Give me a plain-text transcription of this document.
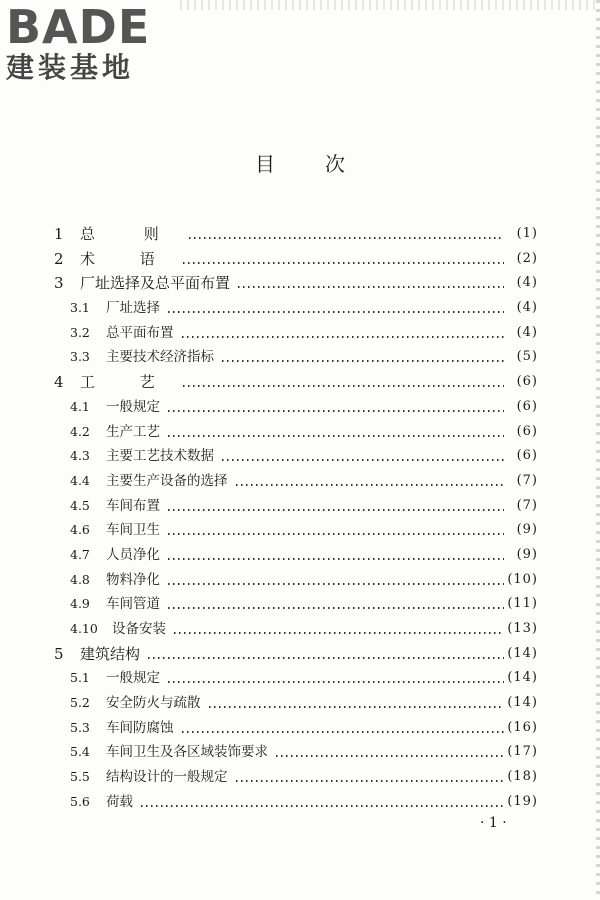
BADE
建装基地
目次
1 总 则	(1)
2 术 语	(2)
3 厂址选择及总平面布置	(4)
3.1 厂址选择	(4)
3.2 总平面布置	(4)
3.3 主要技术经济指标	(5)
4 工 艺	(6)
4.1 一般规定	(6)
4.2 生产工艺	(6)
4.3 主要工艺技术数据	(6)
4.4 主要生产设备的选择	(7)
4.5 车间布置	(7)
4.6 车间卫生	(9)
4.7 人员净化	(9)
4.8 物料净化	(10)
4.9 车间管道	(11)
4.10 设备安装	(13)
5 建筑结构	(14)
5.1 一般规定	(14)
5.2 安全防火与疏散	(14)
5.3 车间防腐蚀	(16)
5.4 车间卫生及各区域装饰要求	(17)
5.5 结构设计的一般规定	(18)
5.6 荷载	(19)
· 1 ·
